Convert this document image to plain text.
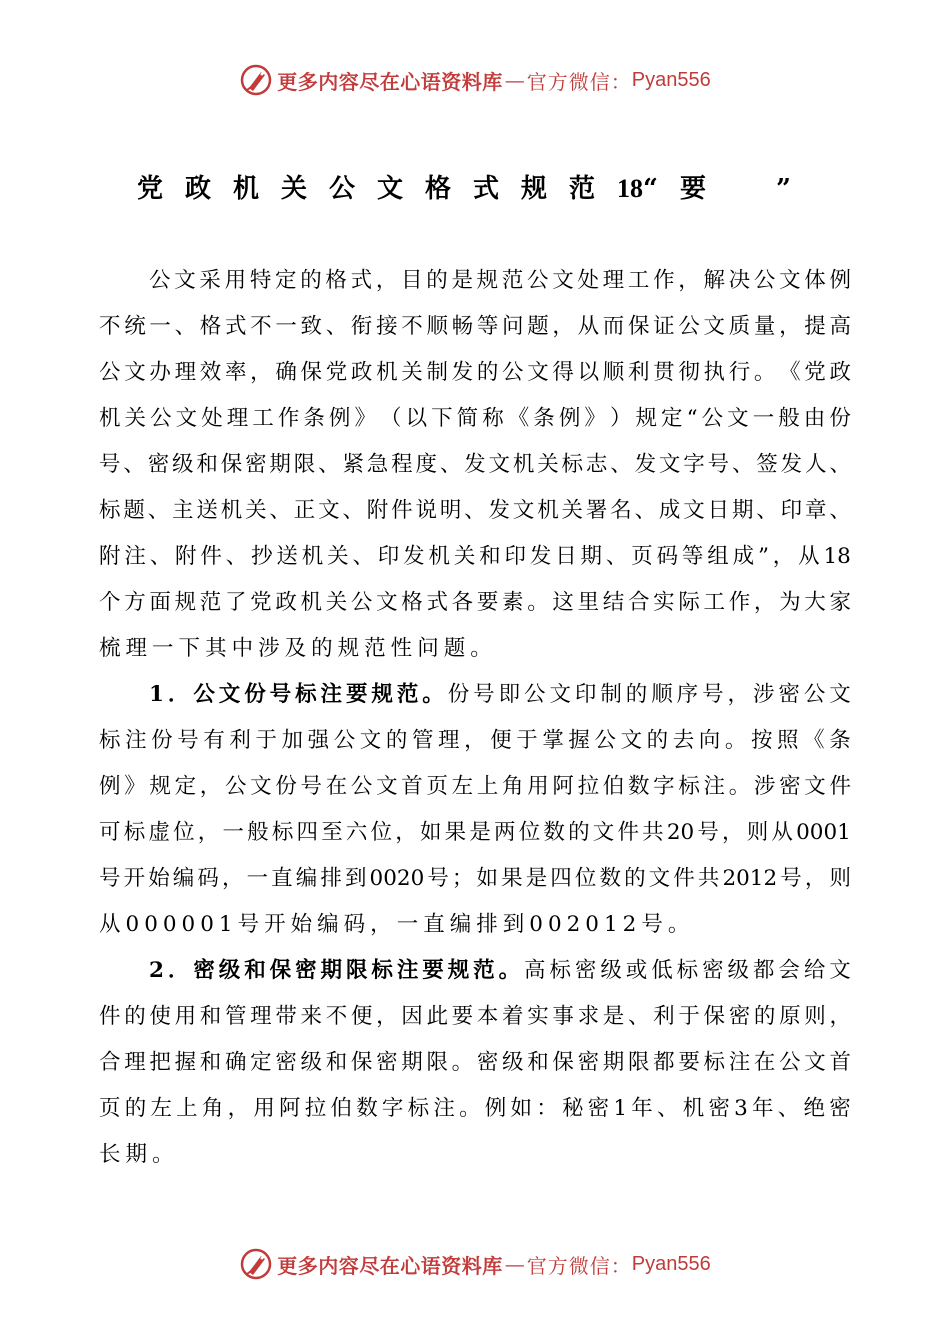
更多内容尽在心语资料库 — 官方微信： Pyan556
党政机关公文格式规范18“要　”
公 文 采 用 特 定 的 格 式 ， 目 的 是 规 范 公 文 处 理 工 作 ， 解 决 公 文 体 例
不 统 一 、 格 式 不 一 致 、 衔 接 不 顺 畅 等 问 题 ， 从 而 保 证 公 文 质 量 ， 提 高
公 文 办 理 效 率 ， 确 保 党 政 机 关 制 发 的 公 文 得 以 顺 利 贯 彻 执 行 。 《 党 政
机 关 公 文 处 理 工 作 条 例 》 （ 以 下 简 称 《 条 例 》 ） 规 定 “ 公 文 一 般 由 份
号 、 密 级 和 保 密 期 限 、 紧 急 程 度 、 发 文 机 关 标 志 、 发 文 字 号 、 签 发 人 、
标 题 、 主 送 机 关 、 正 文 、 附 件 说 明 、 发 文 机 关 署 名 、 成 文 日 期 、 印 章 、
附 注 、 附 件 、 抄 送 机 关 、 印 发 机 关 和 印 发 日 期 、 页 码 等 组 成 ” ， 从 18
个 方 面 规 范 了 党 政 机 关 公 文 格 式 各 要 素 。 这 里 结 合 实 际 工 作 ， 为 大 家
梳 理 一 下 其 中 涉 及 的 规 范 性 问 题 。
1 ． 公 文 份 号 标 注 要 规 范 。 份 号 即 公 文 印 制 的 顺 序 号 ， 涉 密 公 文
标 注 份 号 有 利 于 加 强 公 文 的 管 理 ， 便 于 掌 握 公 文 的 去 向 。 按 照 《 条
例 》 规 定 ， 公 文 份 号 在 公 文 首 页 左 上 角 用 阿 拉 伯 数 字 标 注 。 涉 密 文 件
可 标 虚 位 ， 一 般 标 四 至 六 位 ， 如 果 是 两 位 数 的 文 件 共 20 号 ， 则 从 0001
号 开 始 编 码 ， 一 直 编 排 到 0020 号 ； 如 果 是 四 位 数 的 文 件 共 2012 号 ， 则
从 000001 号 开 始 编 码 ， 一 直 编 排 到 002012 号 。
2 ． 密 级 和 保 密 期 限 标 注 要 规 范 。 高 标 密 级 或 低 标 密 级 都 会 给 文
件 的 使 用 和 管 理 带 来 不 便 ， 因 此 要 本 着 实 事 求 是 、 利 于 保 密 的 原 则 ，
合 理 把 握 和 确 定 密 级 和 保 密 期 限 。 密 级 和 保 密 期 限 都 要 标 注 在 公 文 首
页 的 左 上 角 ， 用 阿 拉 伯 数 字 标 注 。 例 如 ： 秘 密 1 年 、 机 密 3 年 、 绝 密
长 期 。
更多内容尽在心语资料库 — 官方微信： Pyan556
